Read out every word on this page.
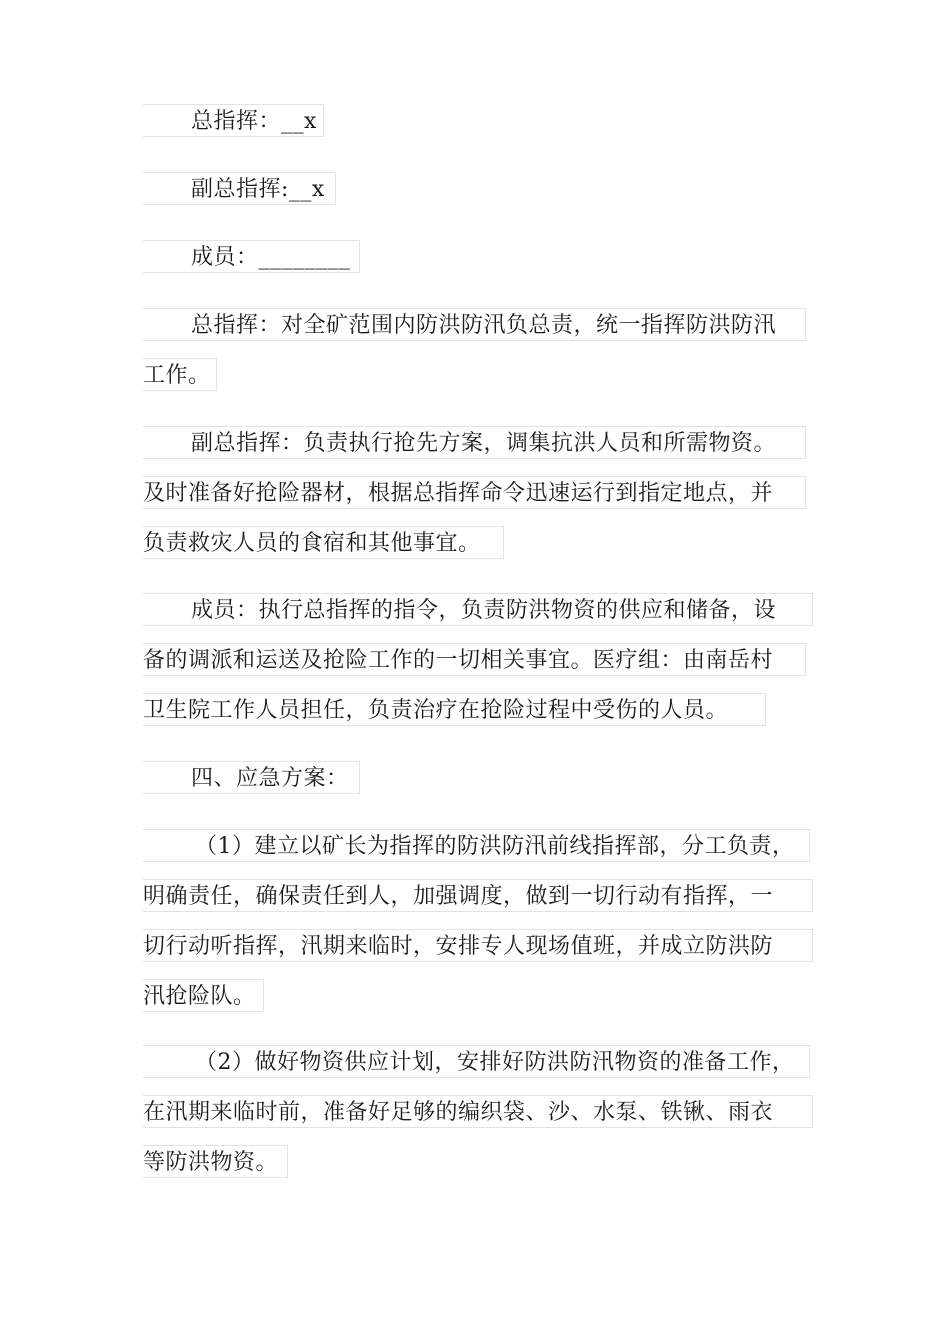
总指挥：__x
副总指挥:__x
成员：________
总指挥：对全矿范围内防洪防汛负总责，统一指挥防洪防汛
工作。
副总指挥：负责执行抢先方案，调集抗洪人员和所需物资。
及时准备好抢险器材，根据总指挥命令迅速运行到指定地点，并
负责救灾人员的食宿和其他事宜。
成员：执行总指挥的指令，负责防洪物资的供应和储备，设
备的调派和运送及抢险工作的一切相关事宜。医疗组：由南岳村
卫生院工作人员担任，负责治疗在抢险过程中受伤的人员。
四、应急方案：
（1）建立以矿长为指挥的防洪防汛前线指挥部，分工负责，
明确责任，确保责任到人，加强调度，做到一切行动有指挥，一
切行动听指挥，汛期来临时，安排专人现场值班，并成立防洪防
汛抢险队。
（2）做好物资供应计划，安排好防洪防汛物资的准备工作，
在汛期来临时前，准备好足够的编织袋、沙、水泵、铁锹、雨衣
等防洪物资。
